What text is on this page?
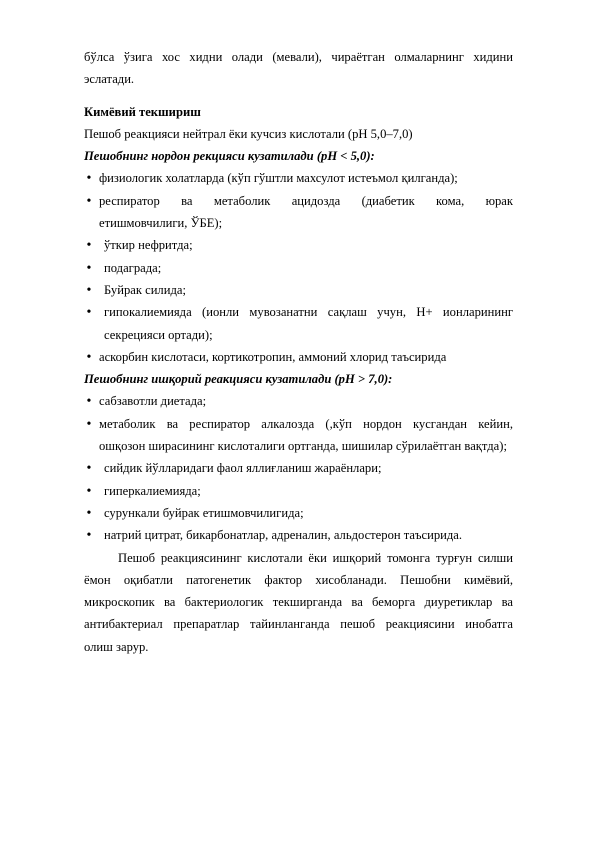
бўлса ўзига хос хидни олади (мевали), чираётган олмаларнинг хидини

эслатади.

Кимёвий текшириш

Пешоб реакцияси нейтрал ёки кучсиз кислотали (pH 5,0–7,0)

Пешобнинг нордон рекцияси кузатилади (pH < 5,0):

•
физиологик холатларда (кўп гўштли махсулот истеъмол қилганда);
•
респиратор ва метаболик ацидозда (диабетик кома, юрак
етишмовчилиги, ЎБЕ);
•
ўткир нефритда;
•
подаграда;
•
Буйрак силида;
•
гипокалиемияда (ионли мувозанатни сақлаш учун, Н+ ионларининг
секрецияси ортади);
•
аскорбин кислотаси, кортикотропин, аммоний хлорид таъсирида

Пешобнинг ишқорий реакцияси кузатилади (pH > 7,0):

•
сабзавотли диетада;
•
метаболик ва респиратор алкалозда (,кўп нордон кусгандан кейин,
ошқозон ширасининг кислоталиги ортганда, шишилар сўрилаётган вақтда);
•
сийдик йўлларидаги фаол яллиғланиш жараёнлари;
•
гиперкалиемияда;
•
сурункали буйрак етишмовчилигида;
•
натрий цитрат, бикарбонатлар, адреналин, альдостерон таъсирида.

Пешоб реакциясининг кислотали ёки ишқорий томонга турғун силши

ёмон оқибатли патогенетик фактор хисобланади. Пешобни кимёвий,

микроскопик ва бактериологик текширганда ва беморга диуретиклар ва

антибактериал препаратлар тайинланганда пешоб реакциясини инобатга

олиш зарур.
